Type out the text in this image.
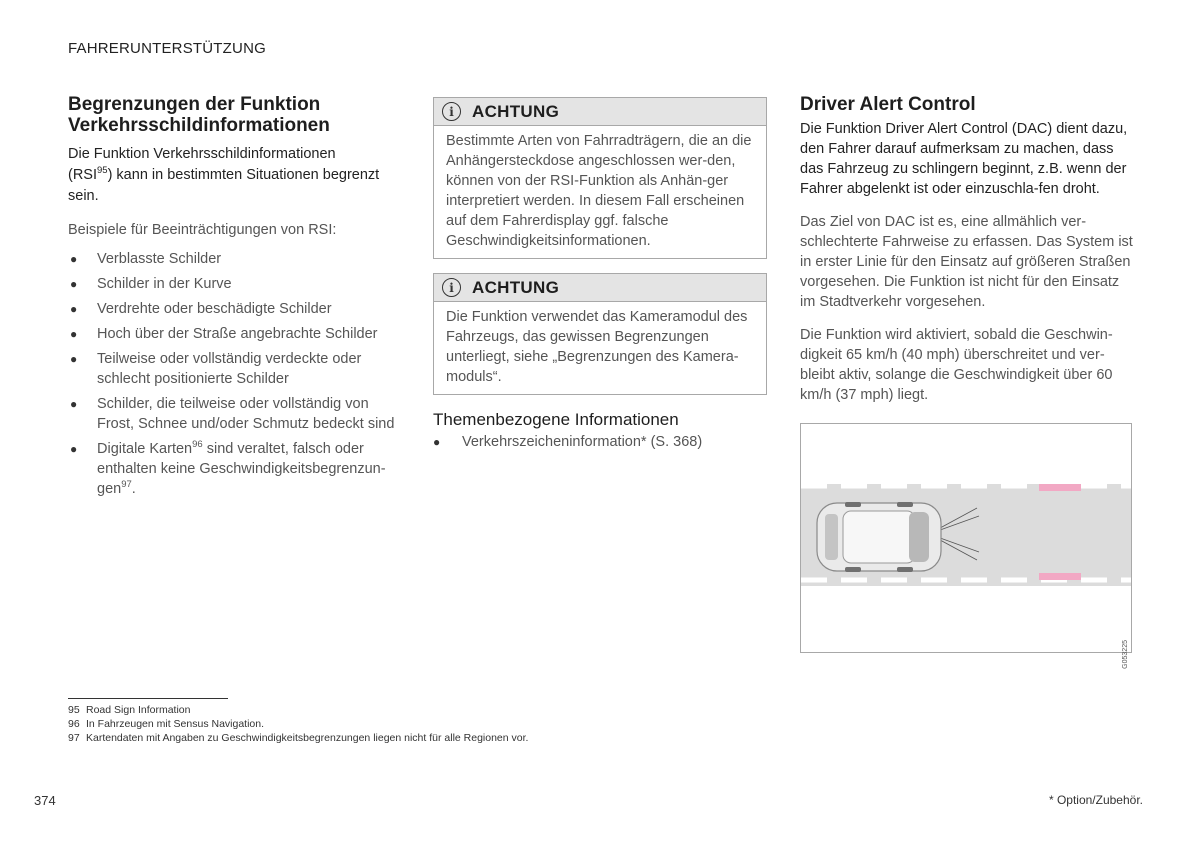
FAHRERUNTERSTÜTZUNG
Begrenzungen der Funktion
Verkehrsschildinformationen
Die Funktion Verkehrsschildinformationen
(RSI$^{95}$) kann in bestimmten Situationen begrenzt sein.
Beispiele für Beeinträchtigungen von RSI:
● Verblasste Schilder
● Schilder in der Kurve
● Verdrehte oder beschädigte Schilder
● Hoch über der Straße angebrachte Schilder
● Teilweise oder vollständig verdeckte oder schlecht positionierte Schilder
● Schilder, die teilweise oder vollständig von Frost, Schnee und/oder Schmutz bedeckt sind
● Digitale Karten$^{96}$ sind veraltet, falsch oder enthalten keine Geschwindigkeitsbegrenzun-gen$^{97}$.
i	ACHTUNG
Bestimmte Arten von Fahrradträgern, die an die Anhängersteckdose angeschlossen wer-den, können von der RSI-Funktion als Anhän-ger interpretiert werden. In diesem Fall erscheinen auf dem Fahrerdisplay ggf. falsche Geschwindigkeitsinformationen.
i	ACHTUNG
Die Funktion verwendet das Kameramodul des Fahrzeugs, das gewissen Begrenzungen unterliegt, siehe „Begrenzungen des Kamera-moduls“.
Themenbezogene Informationen
● Verkehrszeicheninformation* (S. 368)
Driver Alert Control
Die Funktion Driver Alert Control (DAC) dient dazu, den Fahrer darauf aufmerksam zu machen, dass das Fahrzeug zu schlingern beginnt, z.B. wenn der Fahrer abgelenkt ist oder einzuschla-fen droht.
Das Ziel von DAC ist es, eine allmählich ver-schlechterte Fahrweise zu erfassen. Das System ist in erster Linie für den Einsatz auf größeren Straßen vorgesehen. Die Funktion ist nicht für den Einsatz im Stadtverkehr vorgesehen.
Die Funktion wird aktiviert, sobald die Geschwin-digkeit 65 km/h (40 mph) überschreitet und ver-bleibt aktiv, solange die Geschwindigkeit über 60 km/h (37 mph) liegt.
G053225
95 Road Sign Information
96 In Fahrzeugen mit Sensus Navigation.
97 Kartendaten mit Angaben zu Geschwindigkeitsbegrenzungen liegen nicht für alle Regionen vor.
374	* Option/Zubehör.
